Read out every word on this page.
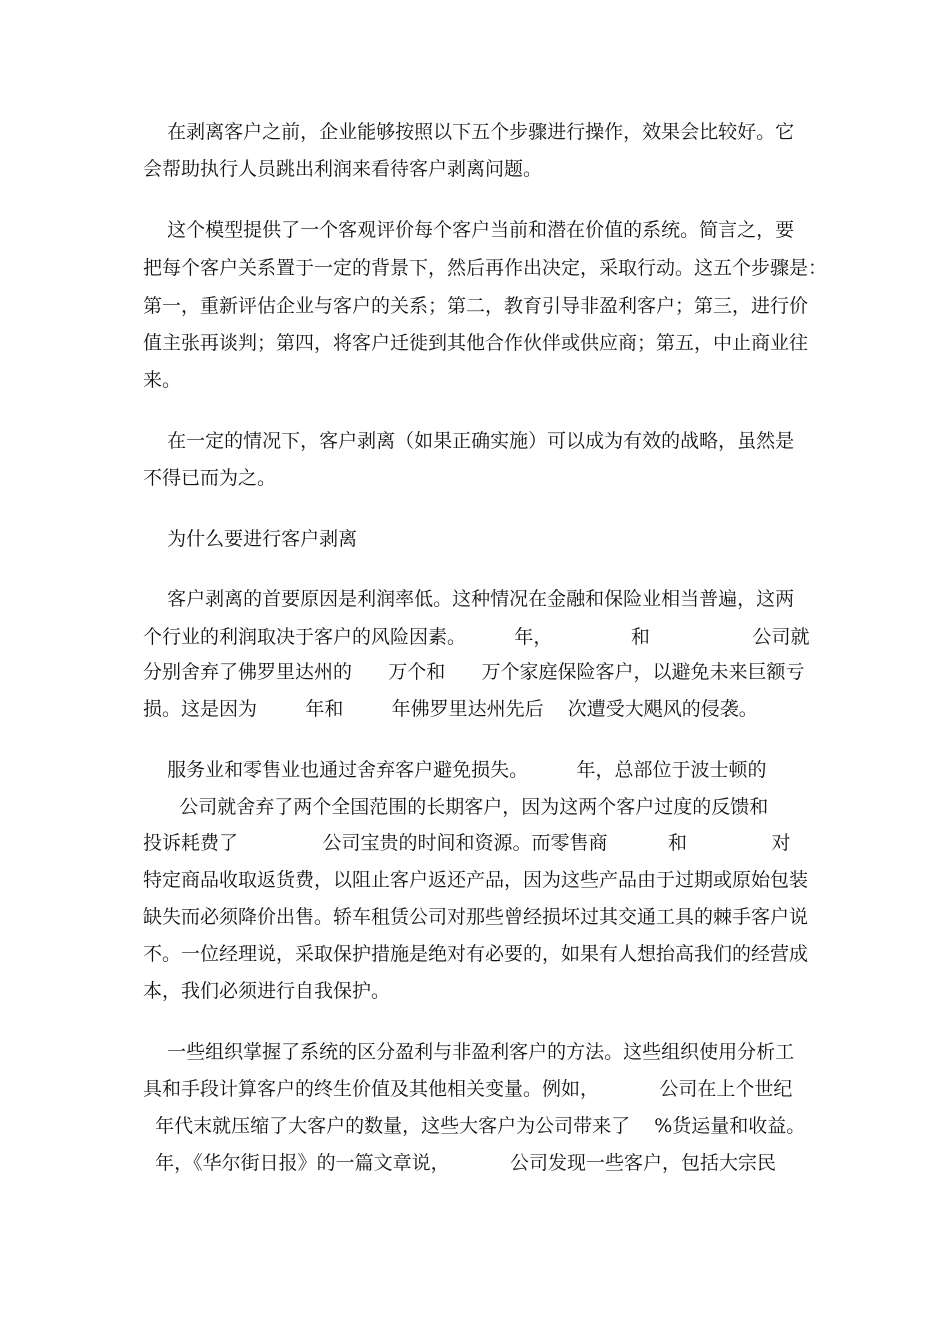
在剥离客户之前，企业能够按照以下五个步骤进行操作，效果会比较好。它
会帮助执行人员跳出利润来看待客户剥离问题。
这个模型提供了一个客观评价每个客户当前和潜在价值的系统。简言之，要
把每个客户关系置于一定的背景下，然后再作出决定，采取行动。这五个步骤是：
第一，重新评估企业与客户的关系；第二，教育引导非盈利客户；第三，进行价
值主张再谈判；第四，将客户迁徙到其他合作伙伴或供应商；第五，中止商业往
来。
在一定的情况下，客户剥离（如果正确实施）可以成为有效的战略，虽然是
不得已而为之。
为什么要进行客户剥离
客户剥离的首要原因是利润率低。这种情况在金融和保险业相当普遍，这两
个行业的利润取决于客户的风险因素。        年，             和                 公司就
分别舍弃了佛罗里达州的      万个和      万个家庭保险客户，以避免未来巨额亏
损。这是因为        年和        年佛罗里达州先后    次遭受大飓风的侵袭。
服务业和零售业也通过舍弃客户避免损失。        年，总部位于波士顿的
公司就舍弃了两个全国范围的长期客户，因为这两个客户过度的反馈和
投诉耗费了              公司宝贵的时间和资源。而零售商          和              对
特定商品收取返货费，以阻止客户返还产品，因为这些产品由于过期或原始包装
缺失而必须降价出售。轿车租赁公司对那些曾经损坏过其交通工具的棘手客户说
不。一位经理说，采取保护措施是绝对有必要的，如果有人想抬高我们的经营成
本，我们必须进行自我保护。
一些组织掌握了系统的区分盈利与非盈利客户的方法。这些组织使用分析工
具和手段计算客户的终生价值及其他相关变量。例如，          公司在上个世纪
年代末就压缩了大客户的数量，这些大客户为公司带来了    %货运量和收益。
年，《华尔街日报》的一篇文章说，          公司发现一些客户，包括大宗民
